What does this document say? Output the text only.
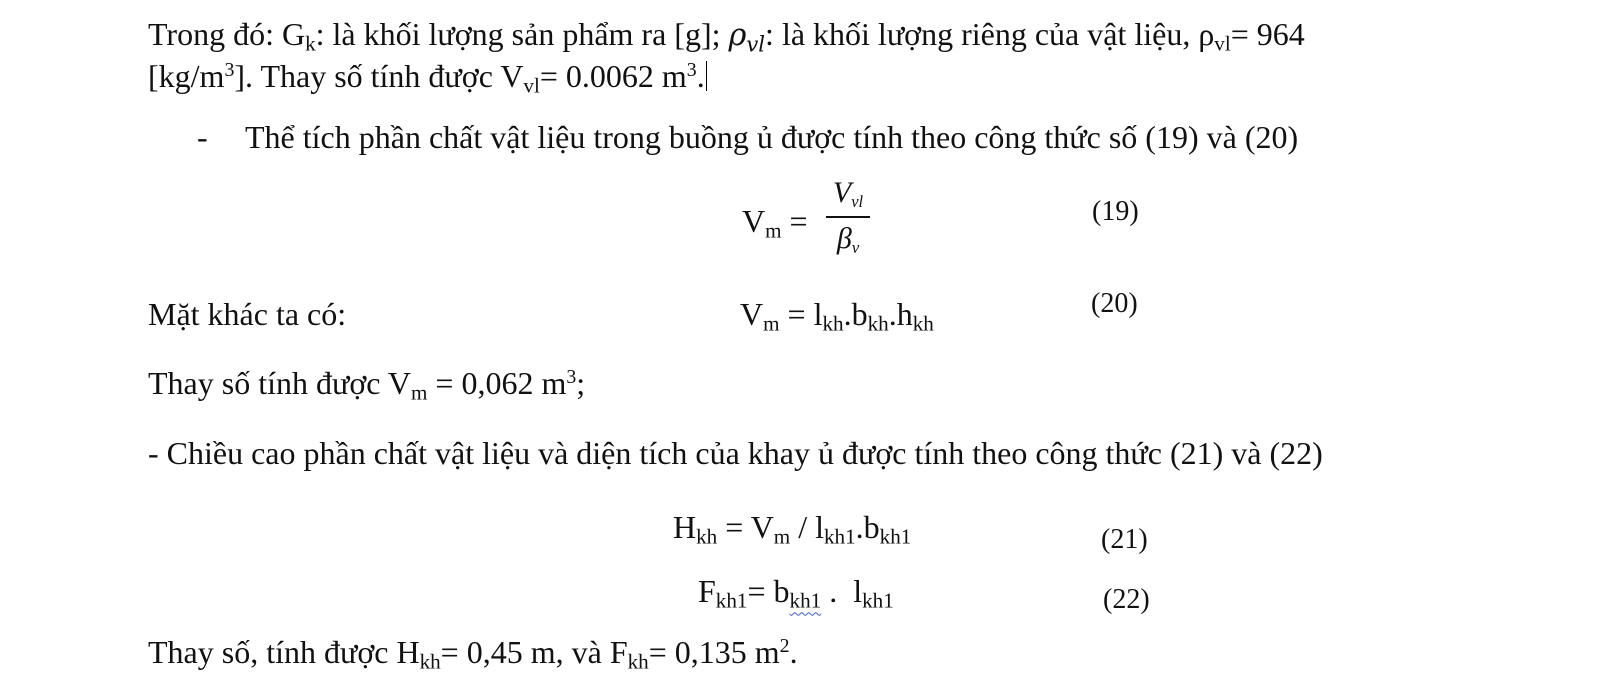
Trong đó: $G_k$: là khối lượng sản phẩm ra [g]; ρvl: là khối lượng riêng của vật liệu, $\rho_{vl}= 964$
$[kg/m^3]$. Thay số tính được $V_{vl}= 0.0062$ $m^3$.
- Thể tích phần chất vật liệu trong buồng ủ được tính theo công thức số (19) và (20)
$V_m$ =
Vvl
βv
(19)
Mặt khác ta có:	$V_m = l_{kh}.b_{kh}.h_{kh}$
(20)
Thay số tính được $V_m = 0,062$ $m^3$;
- Chiều cao phần chất vật liệu và diện tích của khay ủ được tính theo công thức (21) và (22)
$H_{kh} = V_m / l_{kh1}.b_{kh1}$	(21)
$F_{kh1}= b_{kh1}$ .  $l_{kh1}$	(22)
Thay số, tính được $H_{kh}= 0,45$ m, và $F_{kh}= 0,135$ $m^2$.
